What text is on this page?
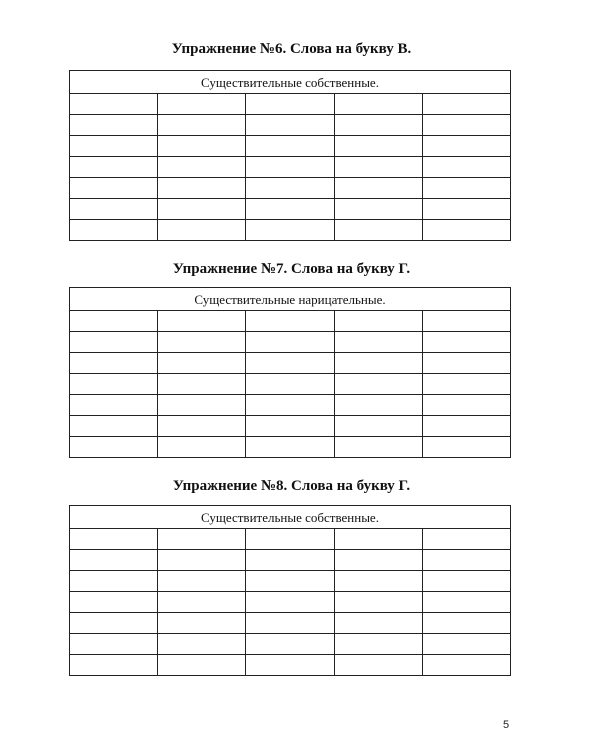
Упражнение №6. Слова на букву В.
Существительные собственные.				

Упражнение №7. Слова на букву Г.
Существительные нарицательные.				

Упражнение №8. Слова на букву Г.
Существительные собственные.				

5
